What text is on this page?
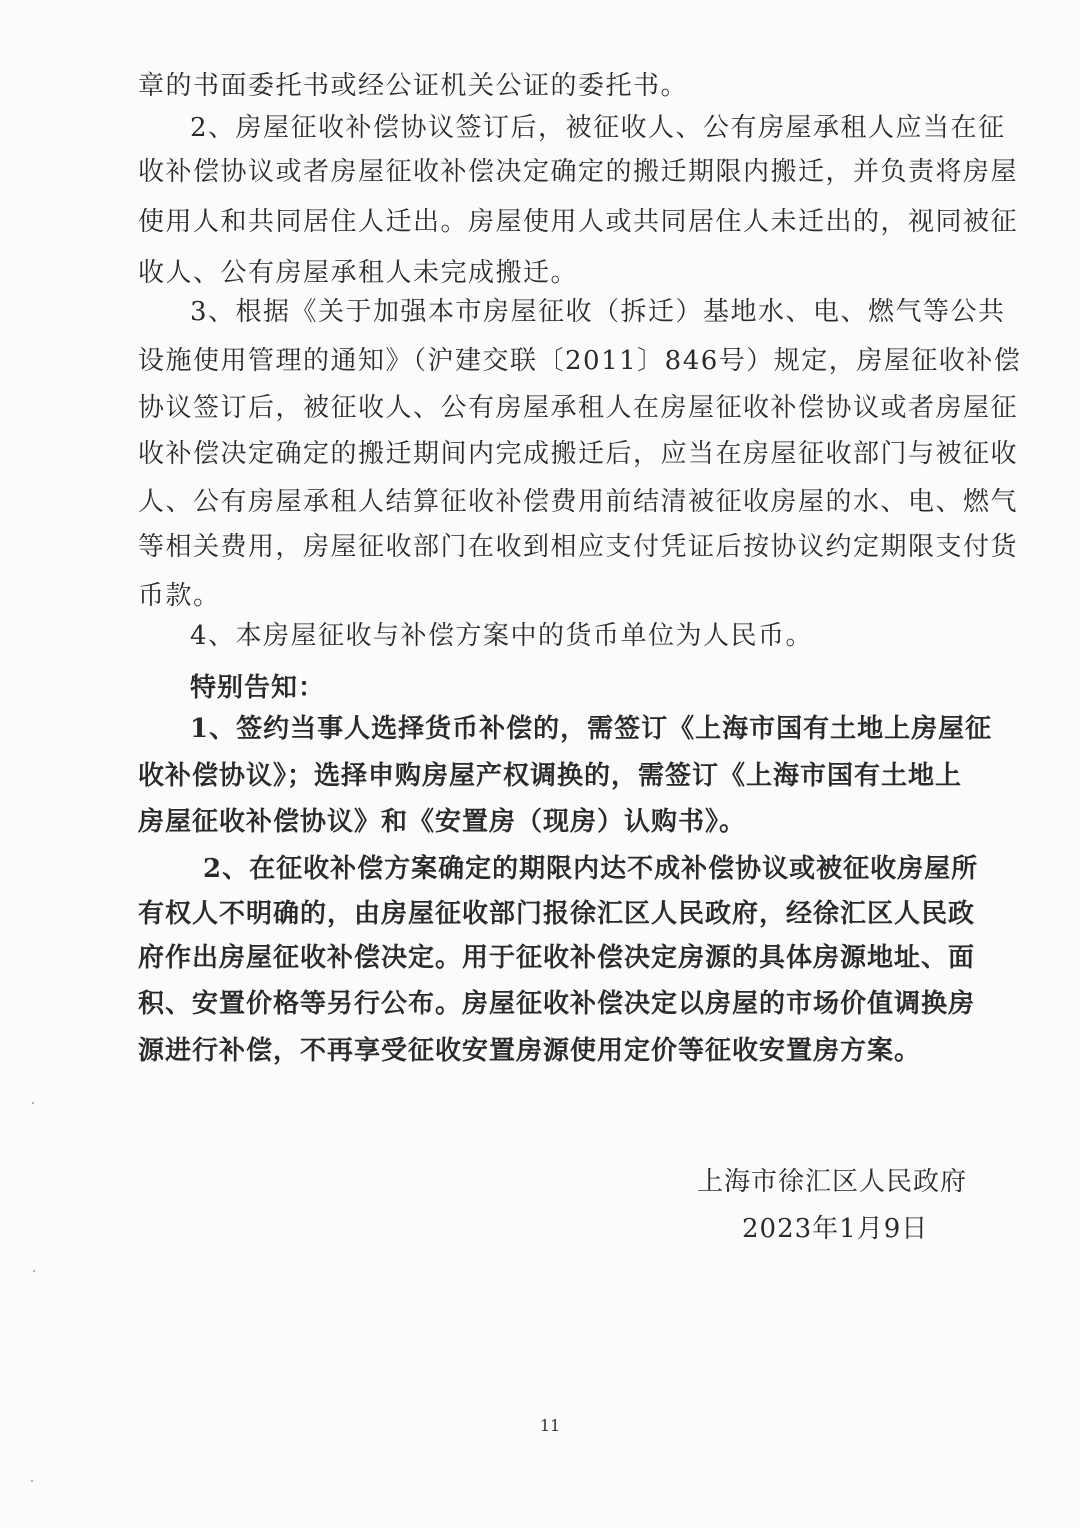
章的书面委托书或经公证机关公证的委托书。
2、房屋征收补偿协议签订后，被征收人、公有房屋承租人应当在征
收补偿协议或者房屋征收补偿决定确定的搬迁期限内搬迁，并负责将房屋
使用人和共同居住人迁出。房屋使用人或共同居住人未迁出的，视同被征
收人、公有房屋承租人未完成搬迁。
3、根据《关于加强本市房屋征收（拆迁）基地水、电、燃气等公共
设施使用管理的通知》（沪建交联〔2011〕846号）规定，房屋征收补偿
协议签订后，被征收人、公有房屋承租人在房屋征收补偿协议或者房屋征
收补偿决定确定的搬迁期间内完成搬迁后，应当在房屋征收部门与被征收
人、公有房屋承租人结算征收补偿费用前结清被征收房屋的水、电、燃气
等相关费用，房屋征收部门在收到相应支付凭证后按协议约定期限支付货
币款。
4、本房屋征收与补偿方案中的货币单位为人民币。
特别告知：
1、签约当事人选择货币补偿的，需签订《上海市国有土地上房屋征
收补偿协议》；选择申购房屋产权调换的，需签订《上海市国有土地上
房屋征收补偿协议》和《安置房（现房）认购书》。
2、在征收补偿方案确定的期限内达不成补偿协议或被征收房屋所
有权人不明确的，由房屋征收部门报徐汇区人民政府，经徐汇区人民政
府作出房屋征收补偿决定。用于征收补偿决定房源的具体房源地址、面
积、安置价格等另行公布。房屋征收补偿决定以房屋的市场价值调换房
源进行补偿，不再享受征收安置房源使用定价等征收安置房方案。
上海市徐汇区人民政府
2023年1月9日
11
